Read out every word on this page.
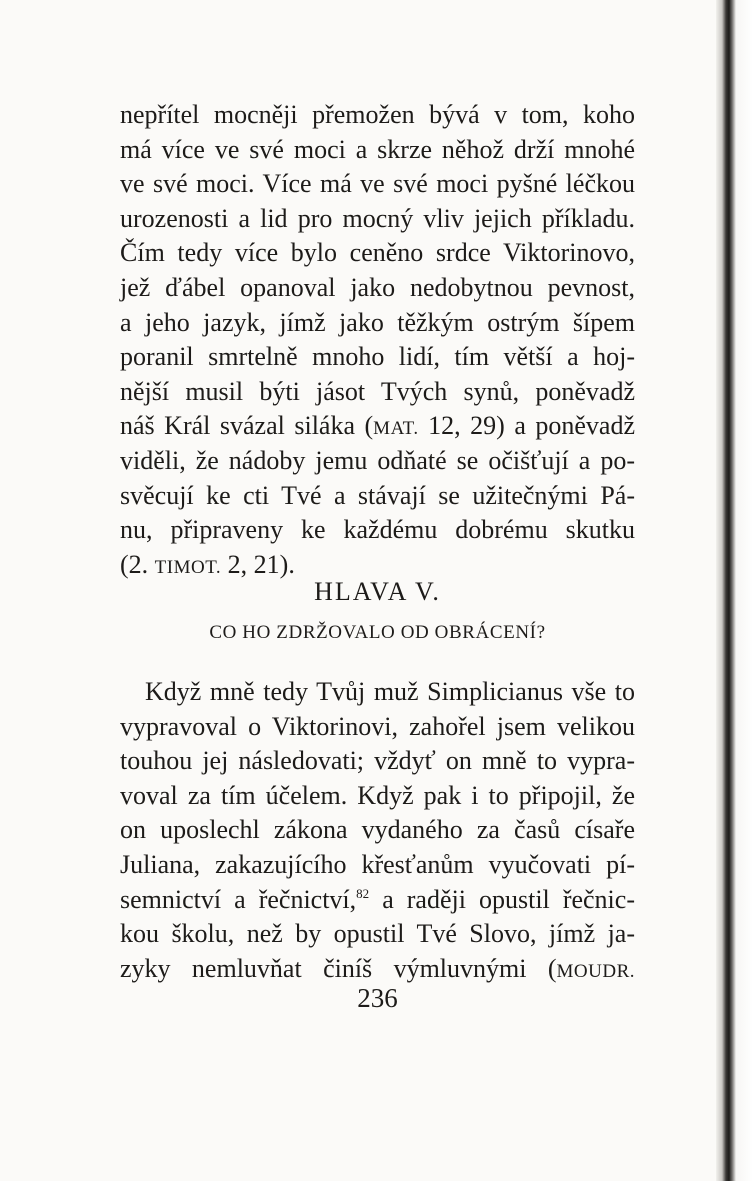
nepřítel mocněji přemožen bývá v tom, koho
má více ve své moci a skrze něhož drží mnohé
ve své moci. Více má ve své moci pyšné léčkou
urozenosti a lid pro mocný vliv jejich příkladu.
Čím tedy více bylo ceněno srdce Viktorinovo,
jež ďábel opanoval jako nedobytnou pevnost,
a jeho jazyk, jímž jako těžkým ostrým šípem
poranil smrtelně mnoho lidí, tím větší a hoj-
nější musil býti jásot Tvých synů, poněvadž
náš Král svázal siláka (MAT. 12, 29) a poněvadž
viděli, že nádoby jemu odňaté se očišťují a po-
svěcují ke cti Tvé a stávají se užitečnými Pá-
nu, připraveny ke každému dobrému skutku
(2. TIMOT. 2, 21).
HLAVA V.
CO HO ZDRŽOVALO OD OBRÁCENÍ?
Když mně tedy Tvůj muž Simplicianus vše to
vypravoval o Viktorinovi, zahořel jsem velikou
touhou jej následovati; vždyť on mně to vypra-
voval za tím účelem. Když pak i to připojil, že
on uposlechl zákona vydaného za časů císaře
Juliana, zakazujícího křesťanům vyučovati pí-
semnictví a řečnictví,$^{82}$ a raději opustil řečnic-
kou školu, než by opustil Tvé Slovo, jímž ja-
zyky nemluvňat činíš výmluvnými (MOUDR.
236
